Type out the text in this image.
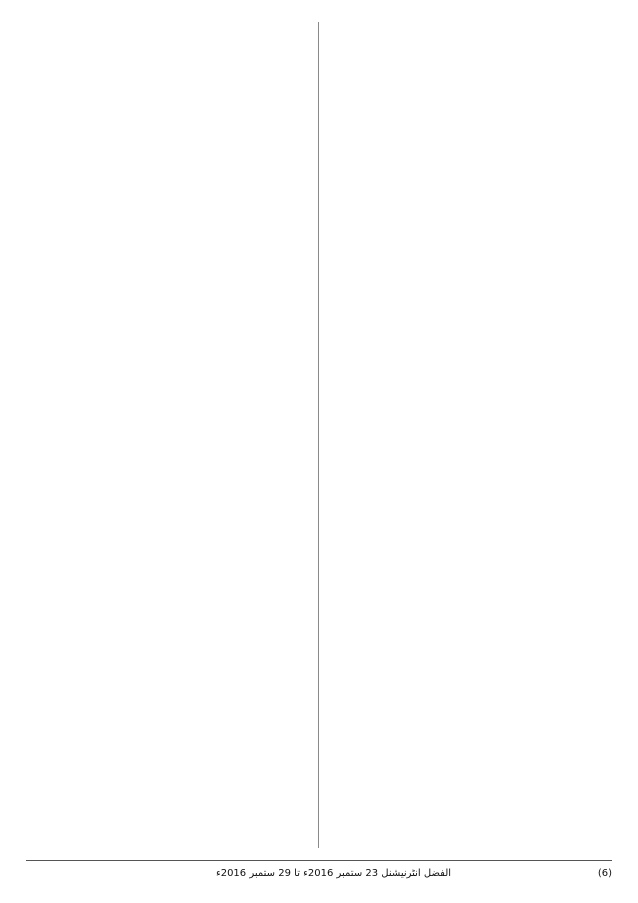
(6)
الفضل انٹرنیشنل 23 ستمبر 2016ء تا 29 ستمبر 2016ء
